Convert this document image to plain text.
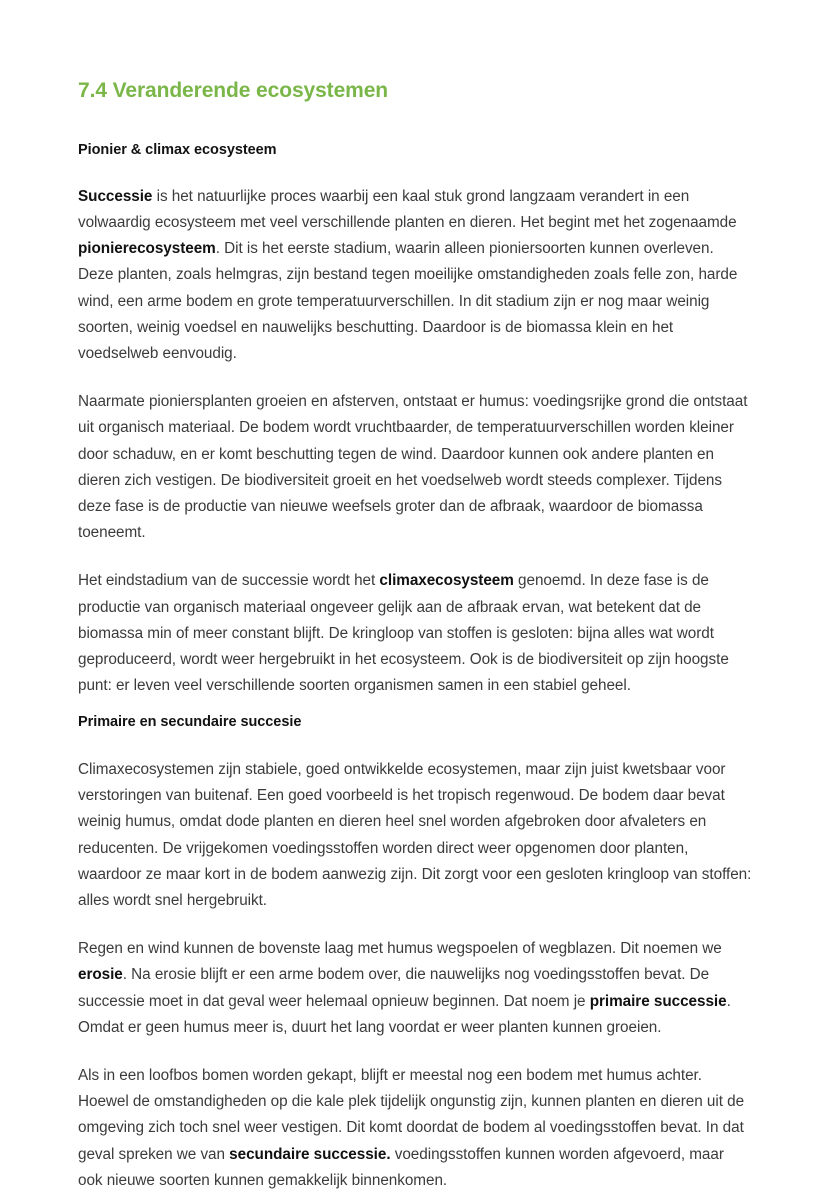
7.4 Veranderende ecosystemen
Pionier & climax ecosysteem

Successie is het natuurlijke proces waarbij een kaal stuk grond langzaam verandert in een volwaardig ecosysteem met veel verschillende planten en dieren. Het begint met het zogenaamde pionierecosysteem. Dit is het eerste stadium, waarin alleen pioniersoorten kunnen overleven. Deze planten, zoals helmgras, zijn bestand tegen moeilijke omstandigheden zoals felle zon, harde wind, een arme bodem en grote temperatuurverschillen. In dit stadium zijn er nog maar weinig soorten, weinig voedsel en nauwelijks beschutting. Daardoor is de biomassa klein en het voedselweb eenvoudig.

Naarmate pioniersplanten groeien en afsterven, ontstaat er humus: voedingsrijke grond die ontstaat uit organisch materiaal. De bodem wordt vruchtbaarder, de temperatuurverschillen worden kleiner door schaduw, en er komt beschutting tegen de wind. Daardoor kunnen ook andere planten en dieren zich vestigen. De biodiversiteit groeit en het voedselweb wordt steeds complexer. Tijdens deze fase is de productie van nieuwe weefsels groter dan de afbraak, waardoor de biomassa toeneemt.

Het eindstadium van de successie wordt het climaxecosysteem genoemd. In deze fase is de productie van organisch materiaal ongeveer gelijk aan de afbraak ervan, wat betekent dat de biomassa min of meer constant blijft. De kringloop van stoffen is gesloten: bijna alles wat wordt geproduceerd, wordt weer hergebruikt in het ecosysteem. Ook is de biodiversiteit op zijn hoogste punt: er leven veel verschillende soorten organismen samen in een stabiel geheel.

Primaire en secundaire succesie

Climaxecosystemen zijn stabiele, goed ontwikkelde ecosystemen, maar zijn juist kwetsbaar voor verstoringen van buitenaf. Een goed voorbeeld is het tropisch regenwoud. De bodem daar bevat weinig humus, omdat dode planten en dieren heel snel worden afgebroken door afvaleters en reducenten. De vrijgekomen voedingsstoffen worden direct weer opgenomen door planten, waardoor ze maar kort in de bodem aanwezig zijn. Dit zorgt voor een gesloten kringloop van stoffen: alles wordt snel hergebruikt.

Regen en wind kunnen de bovenste laag met humus wegspoelen of wegblazen. Dit noemen we erosie. Na erosie blijft er een arme bodem over, die nauwelijks nog voedingsstoffen bevat. De successie moet in dat geval weer helemaal opnieuw beginnen. Dat noem je primaire successie. Omdat er geen humus meer is, duurt het lang voordat er weer planten kunnen groeien.

Als in een loofbos bomen worden gekapt, blijft er meestal nog een bodem met humus achter. Hoewel de omstandigheden op die kale plek tijdelijk ongunstig zijn, kunnen planten en dieren uit de omgeving zich toch snel weer vestigen. Dit komt doordat de bodem al voedingsstoffen bevat. In dat geval spreken we van secundaire successie. voedingsstoffen kunnen worden afgevoerd, maar ook nieuwe soorten kunnen gemakkelijk binnenkomen.
